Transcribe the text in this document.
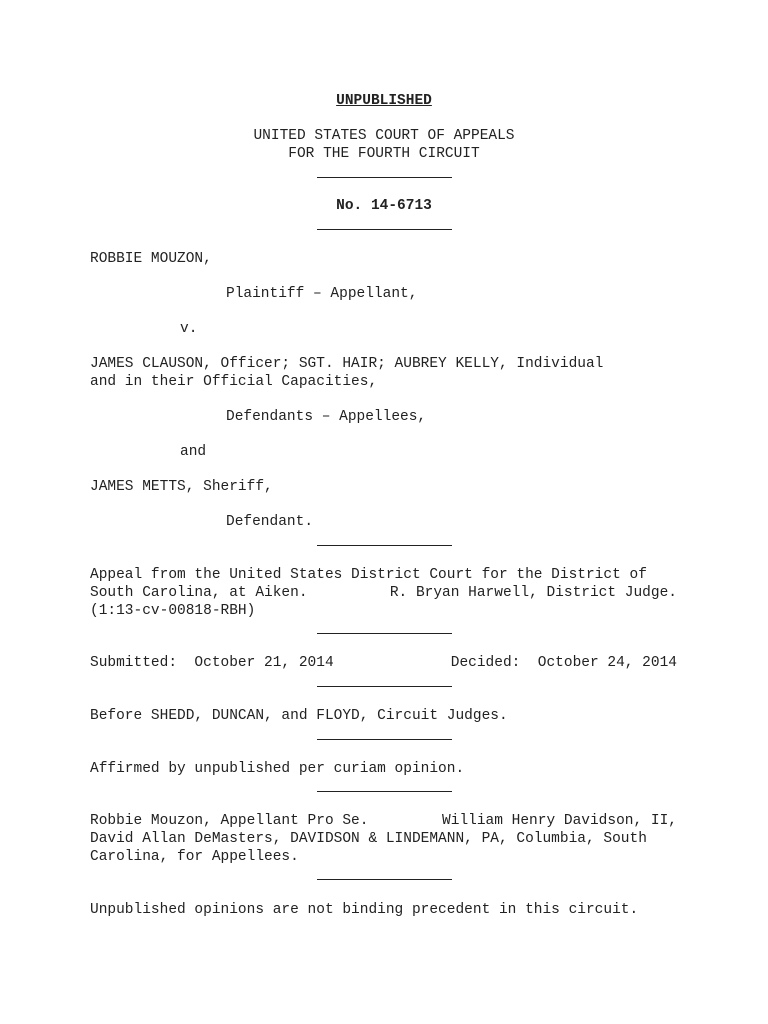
UNPUBLISHED
UNITED STATES COURT OF APPEALS
FOR THE FOURTH CIRCUIT
No. 14-6713
ROBBIE MOUZON,
Plaintiff – Appellant,
v.
JAMES CLAUSON, Officer; SGT. HAIR; AUBREY KELLY, Individual
and in their Official Capacities,
Defendants – Appellees,
and
JAMES METTS, Sheriff,
Defendant.
Appeal from the United States District Court for the District of
South Carolina, at Aiken.	R. Bryan Harwell, District Judge.
(1:13-cv-00818-RBH)
Submitted:  October 21, 2014	Decided:  October 24, 2014
Before SHEDD, DUNCAN, and FLOYD, Circuit Judges.
Affirmed by unpublished per curiam opinion.
Robbie Mouzon, Appellant Pro Se.	William Henry Davidson, II,
David Allan DeMasters, DAVIDSON & LINDEMANN, PA, Columbia, South
Carolina, for Appellees.
Unpublished opinions are not binding precedent in this circuit.
